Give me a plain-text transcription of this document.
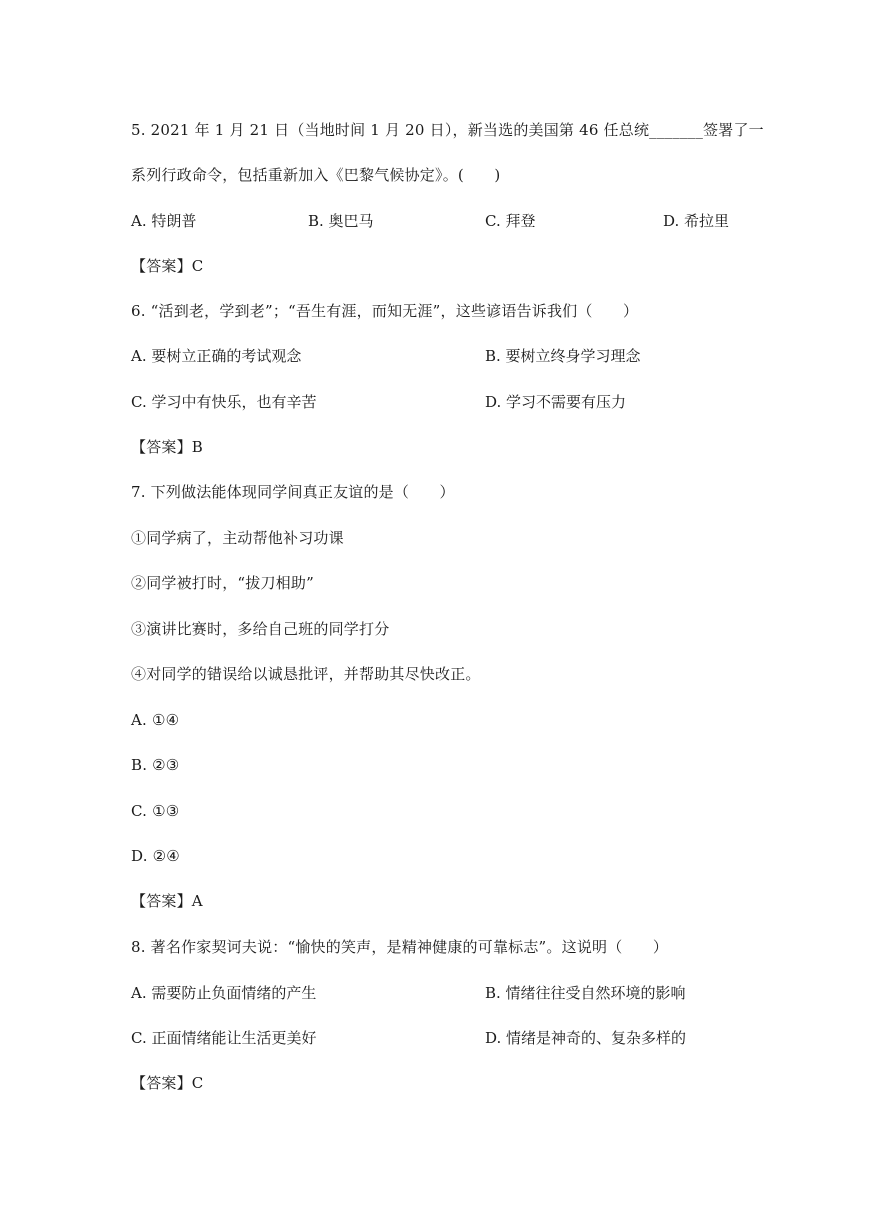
5. 2021 年 1 月 21 日（当地时间 1 月 20 日），新当选的美国第 46 任总统_______签署了一
系列行政命令，包括重新加入《巴黎气候协定》。(　　)
A. 特朗普	B. 奥巴马	C. 拜登	D. 希拉里
【答案】C
6. “活到老，学到老”；“吾生有涯，而知无涯”，这些谚语告诉我们（　　）
A. 要树立正确的考试观念	B. 要树立终身学习理念
C. 学习中有快乐，也有辛苦	D. 学习不需要有压力
【答案】B
7. 下列做法能体现同学间真正友谊的是（　　）
①同学病了，主动帮他补习功课
②同学被打时，“拔刀相助”
③演讲比赛时，多给自己班的同学打分
④对同学的错误给以诚恳批评，并帮助其尽快改正。
A. ①④
B. ②③
C. ①③
D. ②④
【答案】A
8. 著名作家契诃夫说：“愉快的笑声，是精神健康的可靠标志”。这说明（　　）
A. 需要防止负面情绪的产生	B. 情绪往往受自然环境的影响
C. 正面情绪能让生活更美好	D. 情绪是神奇的、复杂多样的
【答案】C
